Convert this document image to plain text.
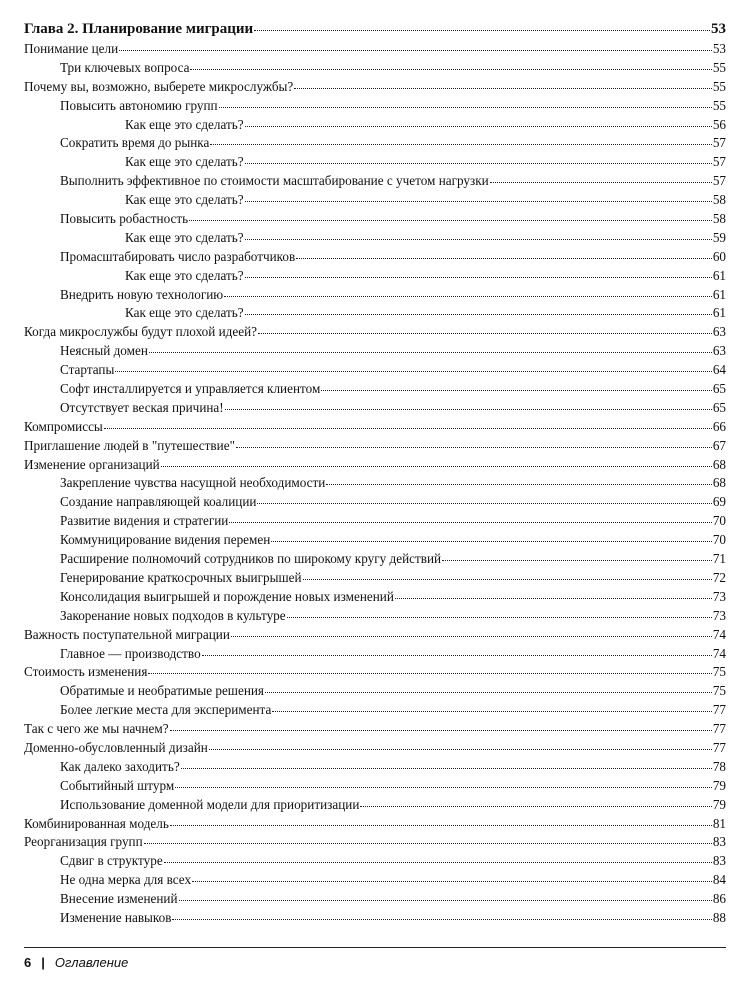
Глава 2. Планирование миграции	53
Понимание цели	53
Три ключевых вопроса	55
Почему вы, возможно, выберете микрослужбы?	55
Повысить автономию групп	55
Как еще это сделать?	56
Сократить время до рынка	57
Как еще это сделать?	57
Выполнить эффективное по стоимости масштабирование с учетом нагрузки	57
Как еще это сделать?	58
Повысить робастность	58
Как еще это сделать?	59
Промасштабировать число разработчиков	60
Как еще это сделать?	61
Внедрить новую технологию	61
Как еще это сделать?	61
Когда микрослужбы будут плохой идеей?	63
Неясный домен	63
Стартапы	64
Софт инсталлируется и управляется клиентом	65
Отсутствует веская причина!	65
Компромиссы	66
Приглашение людей в "путешествие"	67
Изменение организаций	68
Закрепление чувства насущной необходимости	68
Создание направляющей коалиции	69
Развитие видения и стратегии	70
Коммуницирование видения перемен	70
Расширение полномочий сотрудников по широкому кругу действий	71
Генерирование краткосрочных выигрышей	72
Консолидация выигрышей и порождение новых изменений	73
Закоренание новых подходов в культуре	73
Важность поступательной миграции	74
Главное — производство	74
Стоимость изменения	75
Обратимые и необратимые решения	75
Более легкие места для эксперимента	77
Так с чего же мы начнем?	77
Доменно-обусловленный дизайн	77
Как далеко заходить?	78
Событийный штурм	79
Использование доменной модели для приоритизации	79
Комбинированная модель	81
Реорганизация групп	83
Сдвиг в структуре	83
Не одна мерка для всех	84
Внесение изменений	86
Изменение навыков	88
6 | Оглавление
